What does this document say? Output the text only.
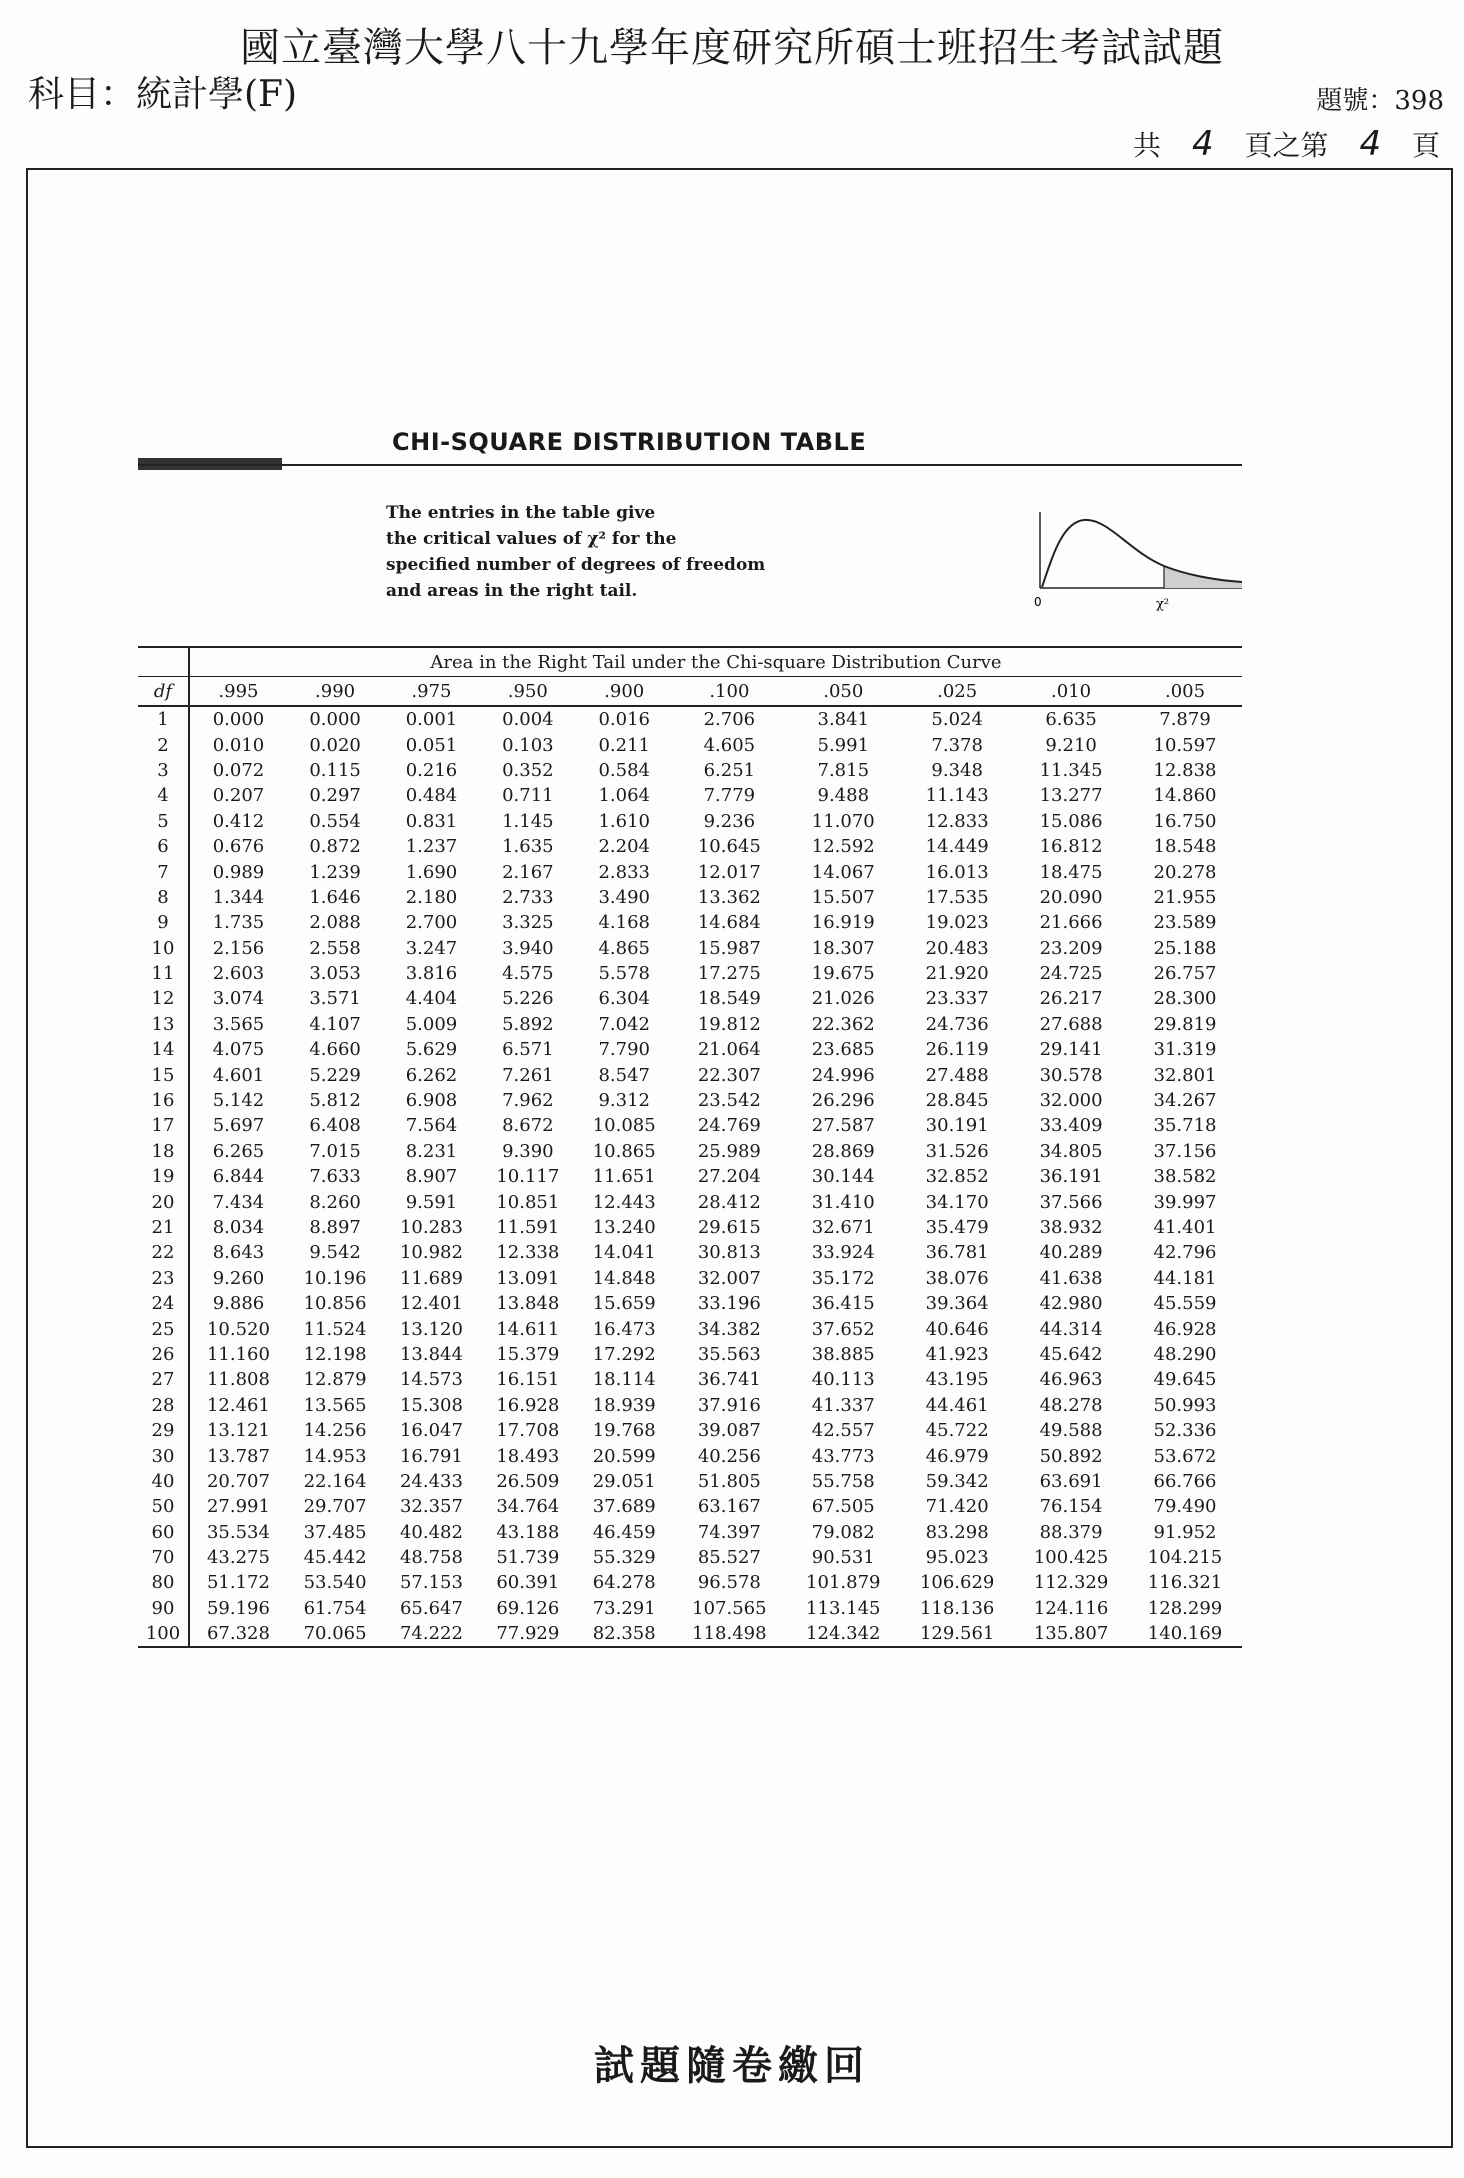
國立臺灣大學八十九學年度研究所碩士班招生考試試題
科目：統計學(F)	題號：398
共 4 頁之第 4 頁
CHI-SQUARE DISTRIBUTION TABLE
The entries in the table give
the critical values of χ² for the
specified number of degrees of freedom
and areas in the right tail.
0	χ²
	Area in the Right Tail under the Chi-square Distribution Curve									
df	.995	.990	.975	.950	.900	.100	.050	.025	.010	.005
1	0.000	0.000	0.001	0.004	0.016	2.706	3.841	5.024	6.635	7.879
2	0.010	0.020	0.051	0.103	0.211	4.605	5.991	7.378	9.210	10.597
3	0.072	0.115	0.216	0.352	0.584	6.251	7.815	9.348	11.345	12.838
4	0.207	0.297	0.484	0.711	1.064	7.779	9.488	11.143	13.277	14.860
5	0.412	0.554	0.831	1.145	1.610	9.236	11.070	12.833	15.086	16.750
6	0.676	0.872	1.237	1.635	2.204	10.645	12.592	14.449	16.812	18.548
7	0.989	1.239	1.690	2.167	2.833	12.017	14.067	16.013	18.475	20.278
8	1.344	1.646	2.180	2.733	3.490	13.362	15.507	17.535	20.090	21.955
9	1.735	2.088	2.700	3.325	4.168	14.684	16.919	19.023	21.666	23.589
10	2.156	2.558	3.247	3.940	4.865	15.987	18.307	20.483	23.209	25.188
11	2.603	3.053	3.816	4.575	5.578	17.275	19.675	21.920	24.725	26.757
12	3.074	3.571	4.404	5.226	6.304	18.549	21.026	23.337	26.217	28.300
13	3.565	4.107	5.009	5.892	7.042	19.812	22.362	24.736	27.688	29.819
14	4.075	4.660	5.629	6.571	7.790	21.064	23.685	26.119	29.141	31.319
15	4.601	5.229	6.262	7.261	8.547	22.307	24.996	27.488	30.578	32.801
16	5.142	5.812	6.908	7.962	9.312	23.542	26.296	28.845	32.000	34.267
17	5.697	6.408	7.564	8.672	10.085	24.769	27.587	30.191	33.409	35.718
18	6.265	7.015	8.231	9.390	10.865	25.989	28.869	31.526	34.805	37.156
19	6.844	7.633	8.907	10.117	11.651	27.204	30.144	32.852	36.191	38.582
20	7.434	8.260	9.591	10.851	12.443	28.412	31.410	34.170	37.566	39.997
21	8.034	8.897	10.283	11.591	13.240	29.615	32.671	35.479	38.932	41.401
22	8.643	9.542	10.982	12.338	14.041	30.813	33.924	36.781	40.289	42.796
23	9.260	10.196	11.689	13.091	14.848	32.007	35.172	38.076	41.638	44.181
24	9.886	10.856	12.401	13.848	15.659	33.196	36.415	39.364	42.980	45.559
25	10.520	11.524	13.120	14.611	16.473	34.382	37.652	40.646	44.314	46.928
26	11.160	12.198	13.844	15.379	17.292	35.563	38.885	41.923	45.642	48.290
27	11.808	12.879	14.573	16.151	18.114	36.741	40.113	43.195	46.963	49.645
28	12.461	13.565	15.308	16.928	18.939	37.916	41.337	44.461	48.278	50.993
29	13.121	14.256	16.047	17.708	19.768	39.087	42.557	45.722	49.588	52.336
30	13.787	14.953	16.791	18.493	20.599	40.256	43.773	46.979	50.892	53.672
40	20.707	22.164	24.433	26.509	29.051	51.805	55.758	59.342	63.691	66.766
50	27.991	29.707	32.357	34.764	37.689	63.167	67.505	71.420	76.154	79.490
60	35.534	37.485	40.482	43.188	46.459	74.397	79.082	83.298	88.379	91.952
70	43.275	45.442	48.758	51.739	55.329	85.527	90.531	95.023	100.425	104.215
80	51.172	53.540	57.153	60.391	64.278	96.578	101.879	106.629	112.329	116.321
90	59.196	61.754	65.647	69.126	73.291	107.565	113.145	118.136	124.116	128.299
100	67.328	70.065	74.222	77.929	82.358	118.498	124.342	129.561	135.807	140.169
試題隨卷繳回
